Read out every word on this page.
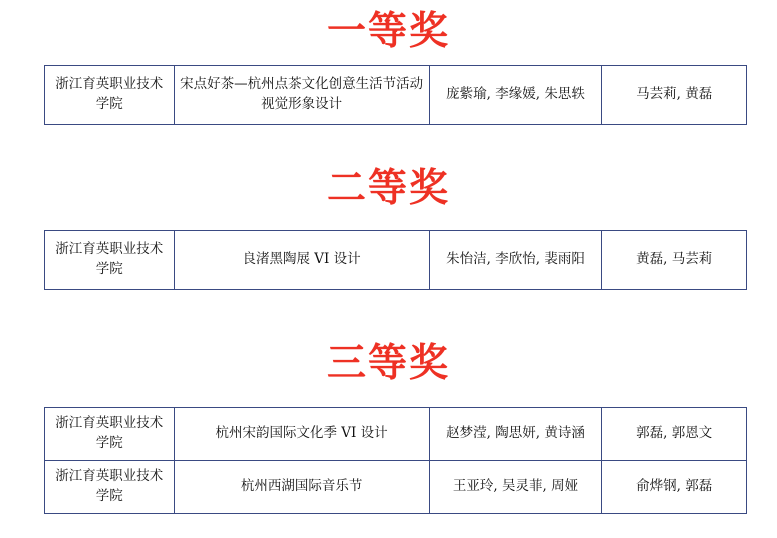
一等奖
浙江育英职业技术学院	宋点好茶—杭州点茶文化创意生活节活动视觉形象设计	庞紫瑜, 李缘媛, 朱思轶	马芸莉, 黄磊
二等奖
浙江育英职业技术学院	良渚黑陶展 VI 设计	朱怡洁, 李欣怡, 裴雨阳	黄磊, 马芸莉
三等奖
浙江育英职业技术学院	杭州宋韵国际文化季 VI 设计	赵梦滢, 陶思妍, 黄诗涵	郭磊, 郭恩文
浙江育英职业技术学院	杭州西湖国际音乐节	王亚玲, 吴灵菲, 周娅	俞烨钢, 郭磊
